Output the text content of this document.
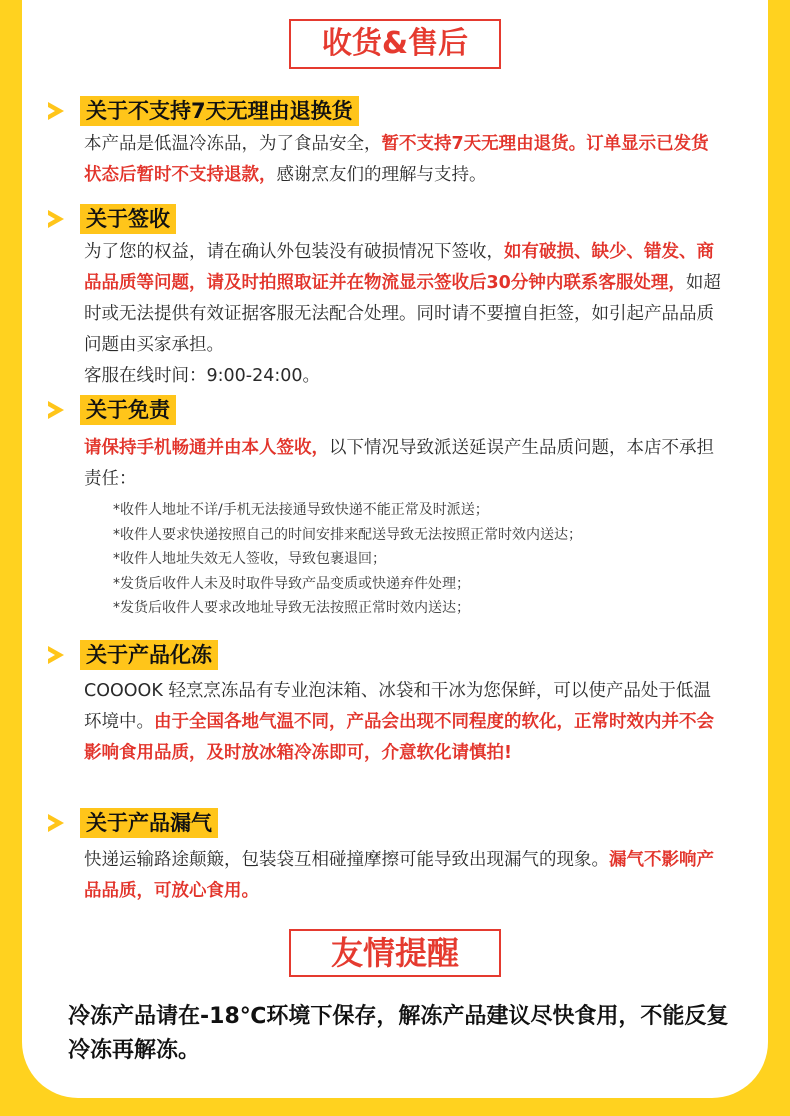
收货&售后
关于不支持7天无理由退换货
本产品是低温冷冻品，为了食品安全，暂不支持7天无理由退货。订单显示已发货状态后暂时不支持退款，感谢烹友们的理解与支持。
关于签收
为了您的权益，请在确认外包装没有破损情况下签收，如有破损、缺少、错发、商品品质等问题，请及时拍照取证并在物流显示签收后30分钟内联系客服处理，如超时或无法提供有效证据客服无法配合处理。同时请不要擅自拒签，如引起产品品质问题由买家承担。
客服在线时间：9:00-24:00。
关于免责
请保持手机畅通并由本人签收，以下情况导致派送延误产生品质问题，本店不承担责任：
*收件人地址不详/手机无法接通导致快递不能正常及时派送；
*收件人要求快递按照自己的时间安排来配送导致无法按照正常时效内送达；
*收件人地址失效无人签收，导致包裹退回；
*发货后收件人未及时取件导致产品变质或快递弃件处理；
*发货后收件人要求改地址导致无法按照正常时效内送达；
关于产品化冻
COOOOK 轻烹烹冻品有专业泡沫箱、冰袋和干冰为您保鲜，可以使产品处于低温环境中。由于全国各地气温不同，产品会出现不同程度的软化，正常时效内并不会影响食用品质，及时放冰箱冷冻即可，介意软化请慎拍!
关于产品漏气
快递运输路途颠簸，包装袋互相碰撞摩擦可能导致出现漏气的现象。漏气不影响产品品质，可放心食用。
友情提醒
冷冻产品请在-18℃环境下保存，解冻产品建议尽快食用，不能反复冷冻再解冻。
